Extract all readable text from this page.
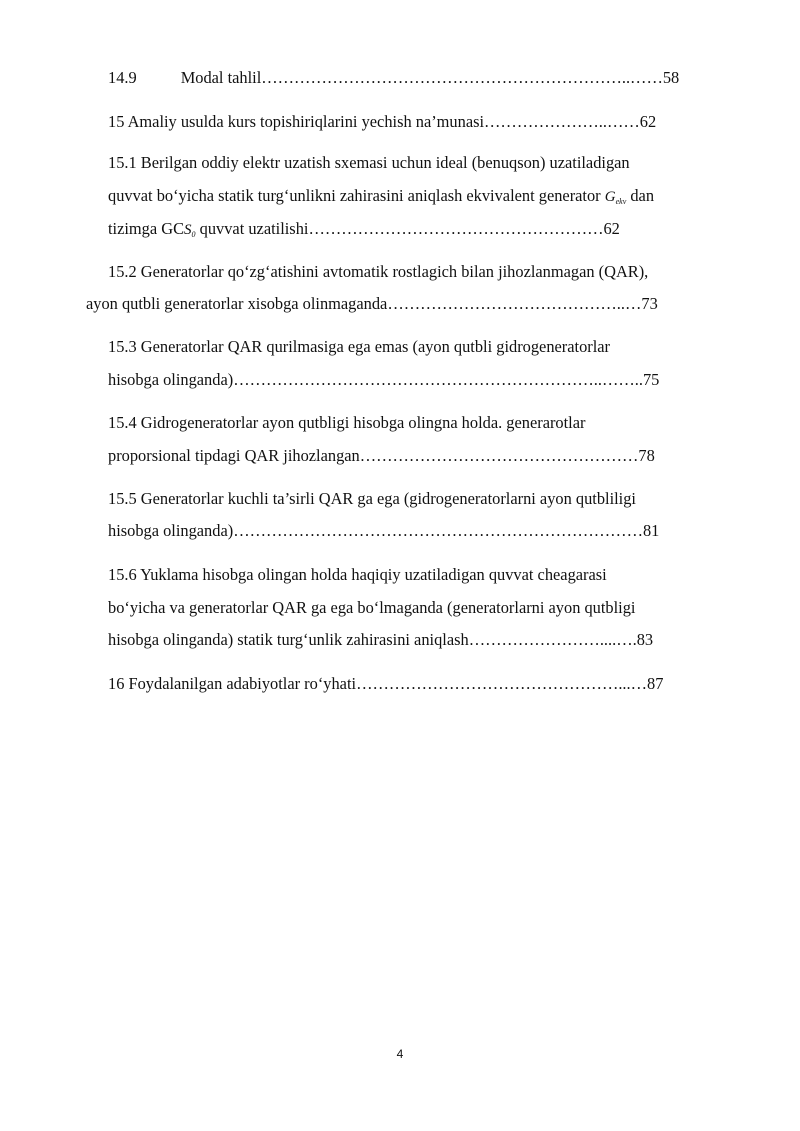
14.9	Modal tahlil…………………………………………………………..……58
15 Amaliy usulda kurs topishiriqlarini yechish na’munasi…………………..……62
15.1 Berilgan oddiy elektr uzatish sxemasi uchun ideal (benuqson) uzatiladigan
quvvat bo‘yicha statik turg‘unlikni zahirasini aniqlash ekvivalent generator $G_{ekv}$ dan
tizimga $GCS_0$ quvvat uzatilishi………………………………………………62
15.2 Generatorlar qo‘zg‘atishini avtomatik rostlagich bilan jihozlanmagan (QAR),
ayon qutbli generatorlar xisobga olinmaganda……………………………………..…73
15.3 Generatorlar QAR qurilmasiga ega emas (ayon qutbli gidrogeneratorlar
hisobga olinganda)…………………………………………………………..……..75
15.4 Gidrogeneratorlar ayon qutbligi hisobga olingna holda. generarotlar
proporsional tipdagi QAR jihozlangan……………………………………………78
15.5 Generatorlar kuchli ta’sirli QAR ga ega (gidrogeneratorlarni ayon qutbliligi
hisobga olinganda)…………………………………………………………………81
15.6 Yuklama hisobga olingan holda haqiqiy uzatiladigan quvvat cheagarasi
bo‘yicha va generatorlar QAR ga ega bo‘lmaganda (generatorlarni ayon qutbligi
hisobga olinganda) statik turg‘unlik zahirasini aniqlash……………………....….83
16 Foydalanilgan adabiyotlar ro‘yhati…………………………………………...…87
4
